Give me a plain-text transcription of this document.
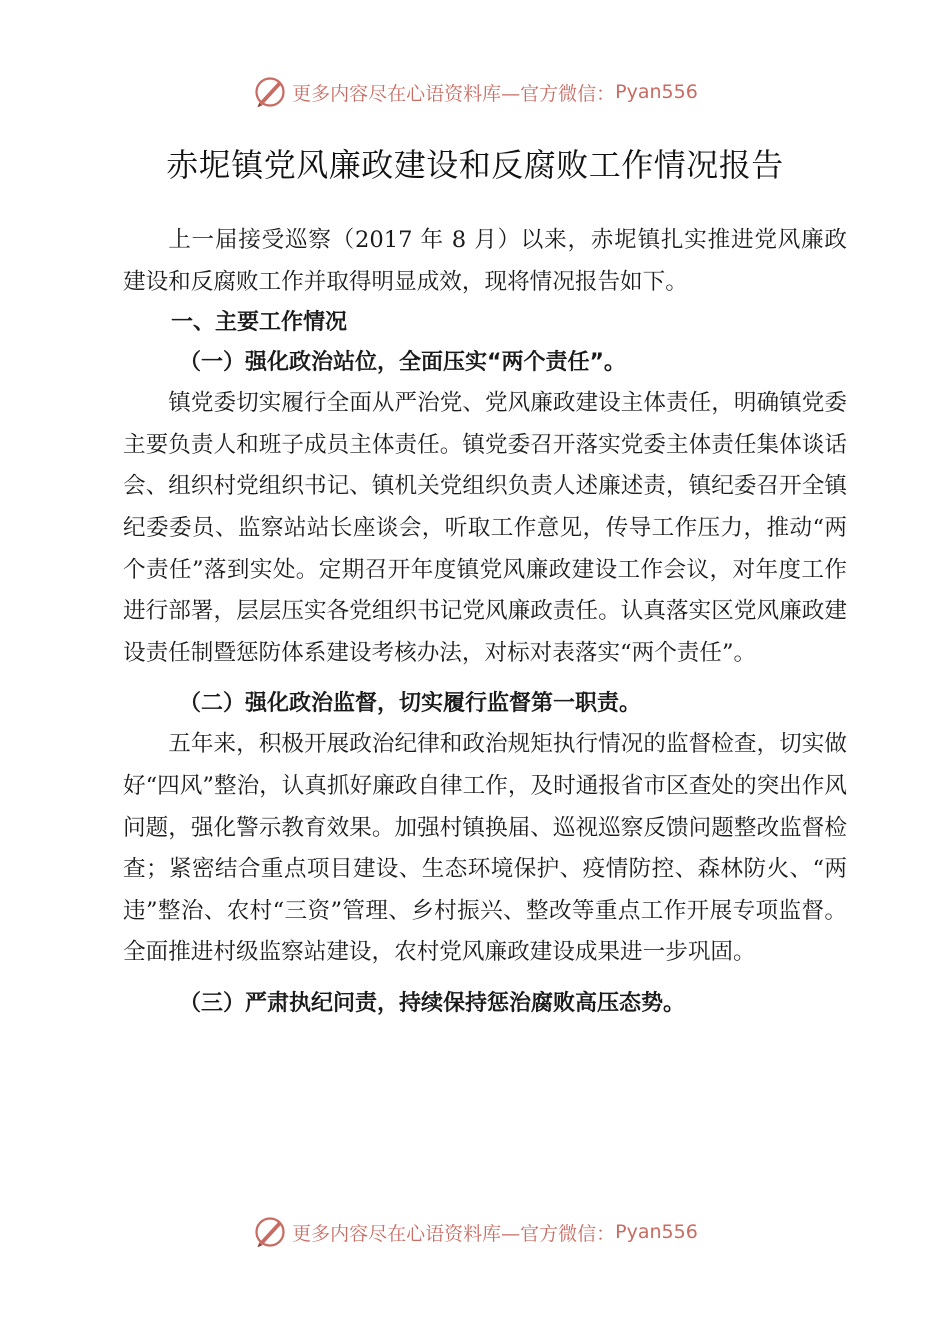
更多内容尽在心语资料库—官方微信： Pyan556
赤坭镇党风廉政建设和反腐败工作情况报告

上一届接受巡察（2017 年 8 月）以来，赤坭镇扎实推进党风廉政建设和反腐败工作并取得明显成效，现将情况报告如下。

一、主要工作情况
（一）强化政治站位，全面压实“两个责任”。

镇党委切实履行全面从严治党、党风廉政建设主体责任，明确镇党委主要负责人和班子成员主体责任。镇党委召开落实党委主体责任集体谈话会、组织村党组织书记、镇机关党组织负责人述廉述责，镇纪委召开全镇纪委委员、监察站站长座谈会，听取工作意见，传导工作压力，推动“两个责任”落到实处。定期召开年度镇党风廉政建设工作会议，对年度工作进行部署，层层压实各党组织书记党风廉政责任。认真落实区党风廉政建设责任制暨惩防体系建设考核办法，对标对表落实“两个责任”。

（二）强化政治监督，切实履行监督第一职责。

五年来，积极开展政治纪律和政治规矩执行情况的监督检查，切实做好“四风”整治，认真抓好廉政自律工作，及时通报省市区查处的突出作风问题，强化警示教育效果。加强村镇换届、巡视巡察反馈问题整改监督检查；紧密结合重点项目建设、生态环境保护、疫情防控、森林防火、“两违”整治、农村“三资”管理、乡村振兴、整改等重点工作开展专项监督。全面推进村级监察站建设，农村党风廉政建设成果进一步巩固。

（三）严肃执纪问责，持续保持惩治腐败高压态势。
更多内容尽在心语资料库—官方微信： Pyan556
